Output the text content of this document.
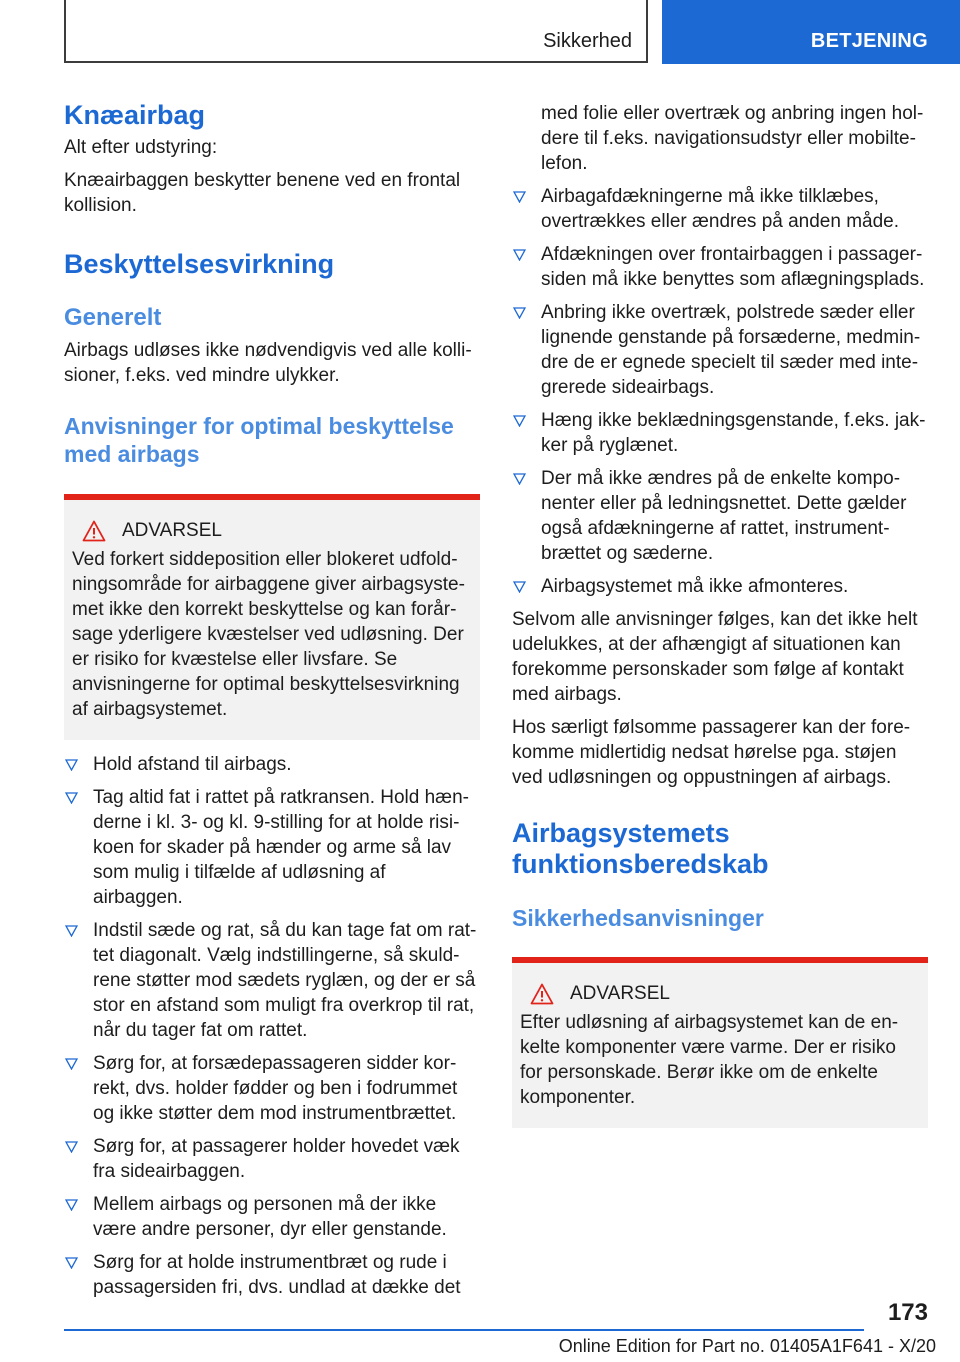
Sikkerhed	BETJENING
Knæairbag

Alt efter udstyring:

Knæairbaggen beskytter benene ved en frontal kollision.

Beskyttelsesvirkning
Generelt

Airbags udløses ikke nødvendigvis ved alle kollisioner, f.eks. ved mindre ulykker.

Anvisninger for optimal beskyttelse med airbags
ADVARSEL

Ved forkert siddeposition eller blokeret udfoldningsområde for airbaggene giver airbagsystemet ikke den korrekt beskyttelse og kan forårsage yderligere kvæstelser ved udløsning. Der er risiko for kvæstelse eller livsfare. Se anvisningerne for optimal beskyttelsesvirkning af airbagsystemet.

Hold afstand til airbags.
Tag altid fat i rattet på ratkransen. Hold hænderne i kl. 3- og kl. 9-stilling for at holde risikoen for skader på hænder og arme så lav som mulig i tilfælde af udløsning af airbaggen.
Indstil sæde og rat, så du kan tage fat om rattet diagonalt. Vælg indstillingerne, så skuldrene støtter mod sædets ryglæn, og der er så stor en afstand som muligt fra overkrop til rat, når du tager fat om rattet.
Sørg for, at forsædepassageren sidder korrekt, dvs. holder fødder og ben i fodrummet og ikke støtter dem mod instrumentbrættet.
Sørg for, at passagerer holder hovedet væk fra sideairbaggen.
Mellem airbags og personen må der ikke være andre personer, dyr eller genstande.
Sørg for at holde instrumentbræt og rude i passagersiden fri, dvs. undlad at dække det

med folie eller overtræk og anbring ingen holdere til f.eks. navigationsudstyr eller mobiltelefon.

Airbagafdækningerne må ikke tilklæbes, overtrækkes eller ændres på anden måde.
Afdækningen over frontairbaggen i passagersiden må ikke benyttes som aflægningsplads.
Anbring ikke overtræk, polstrede sæder eller lignende genstande på forsæderne, medmindre de er egnede specielt til sæder med integrerede sideairbags.
Hæng ikke beklædningsgenstande, f.eks. jakker på ryglænet.
Der må ikke ændres på de enkelte komponenter eller på ledningsnettet. Dette gælder også afdækningerne af rattet, instrumentbrættet og sæderne.
Airbagsystemet må ikke afmonteres.

Selvom alle anvisninger følges, kan det ikke helt udelukkes, at der afhængigt af situationen kan forekomme personskader som følge af kontakt med airbags.

Hos særligt følsomme passagerer kan der forekomme midlertidig nedsat hørelse pga. støjen ved udløsningen og oppustningen af airbags.

Airbagsystemets funktionsberedskab
Sikkerhedsanvisninger
ADVARSEL

Efter udløsning af airbagsystemet kan de enkelte komponenter være varme. Der er risiko for personskade. Berør ikke om de enkelte komponenter.

173
Online Edition for Part no. 01405A1F641 - X/20
